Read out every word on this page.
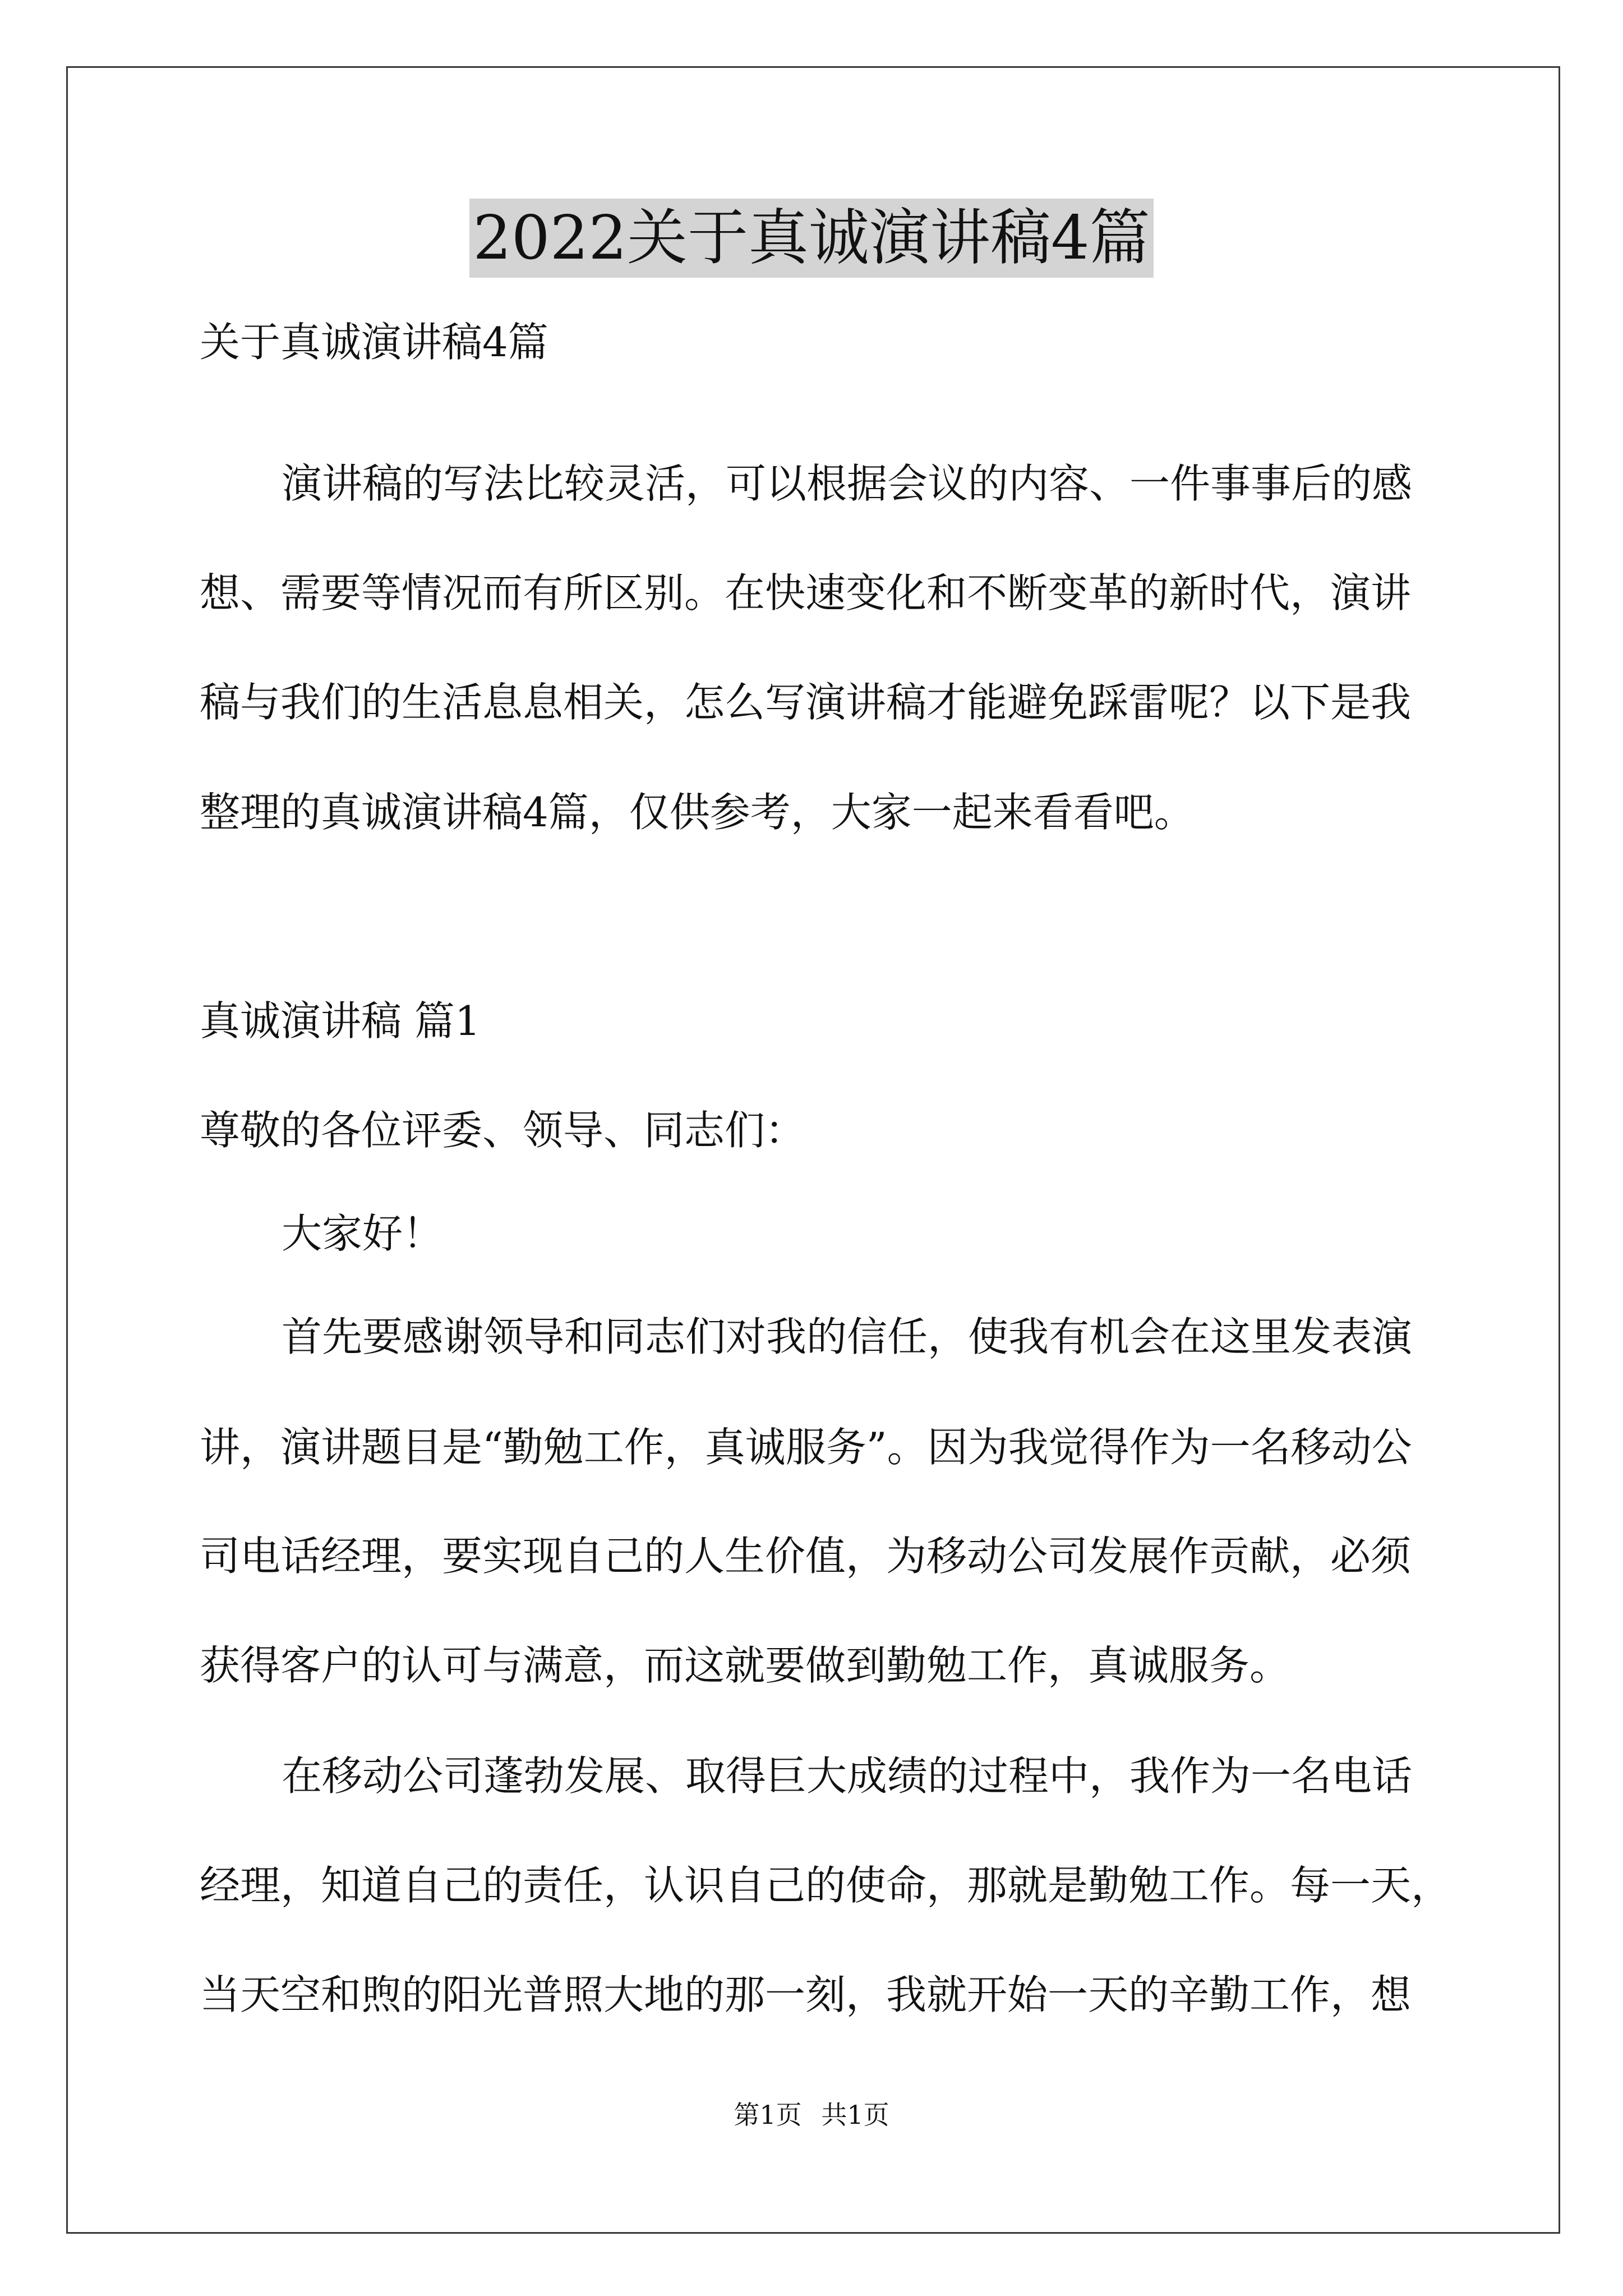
2022关于真诚演讲稿4篇
关于真诚演讲稿4篇
演讲稿的写法比较灵活，可以根据会议的内容、一件事事后的感
想、需要等情况而有所区别。在快速变化和不断变革的新时代，演讲
稿与我们的生活息息相关，怎么写演讲稿才能避免踩雷呢？以下是我
整理的真诚演讲稿4篇，仅供参考，大家一起来看看吧。
真诚演讲稿 篇1
尊敬的各位评委、领导、同志们：
大家好！
首先要感谢领导和同志们对我的信任，使我有机会在这里发表演
讲，演讲题目是“勤勉工作，真诚服务”。因为我觉得作为一名移动公
司电话经理，要实现自己的人生价值，为移动公司发展作贡献，必须
获得客户的认可与满意，而这就要做到勤勉工作，真诚服务。
在移动公司蓬勃发展、取得巨大成绩的过程中，我作为一名电话
经理，知道自己的责任，认识自己的使命，那就是勤勉工作。每一天，
当天空和煦的阳光普照大地的那一刻，我就开始一天的辛勤工作，想
第1页 共1页
